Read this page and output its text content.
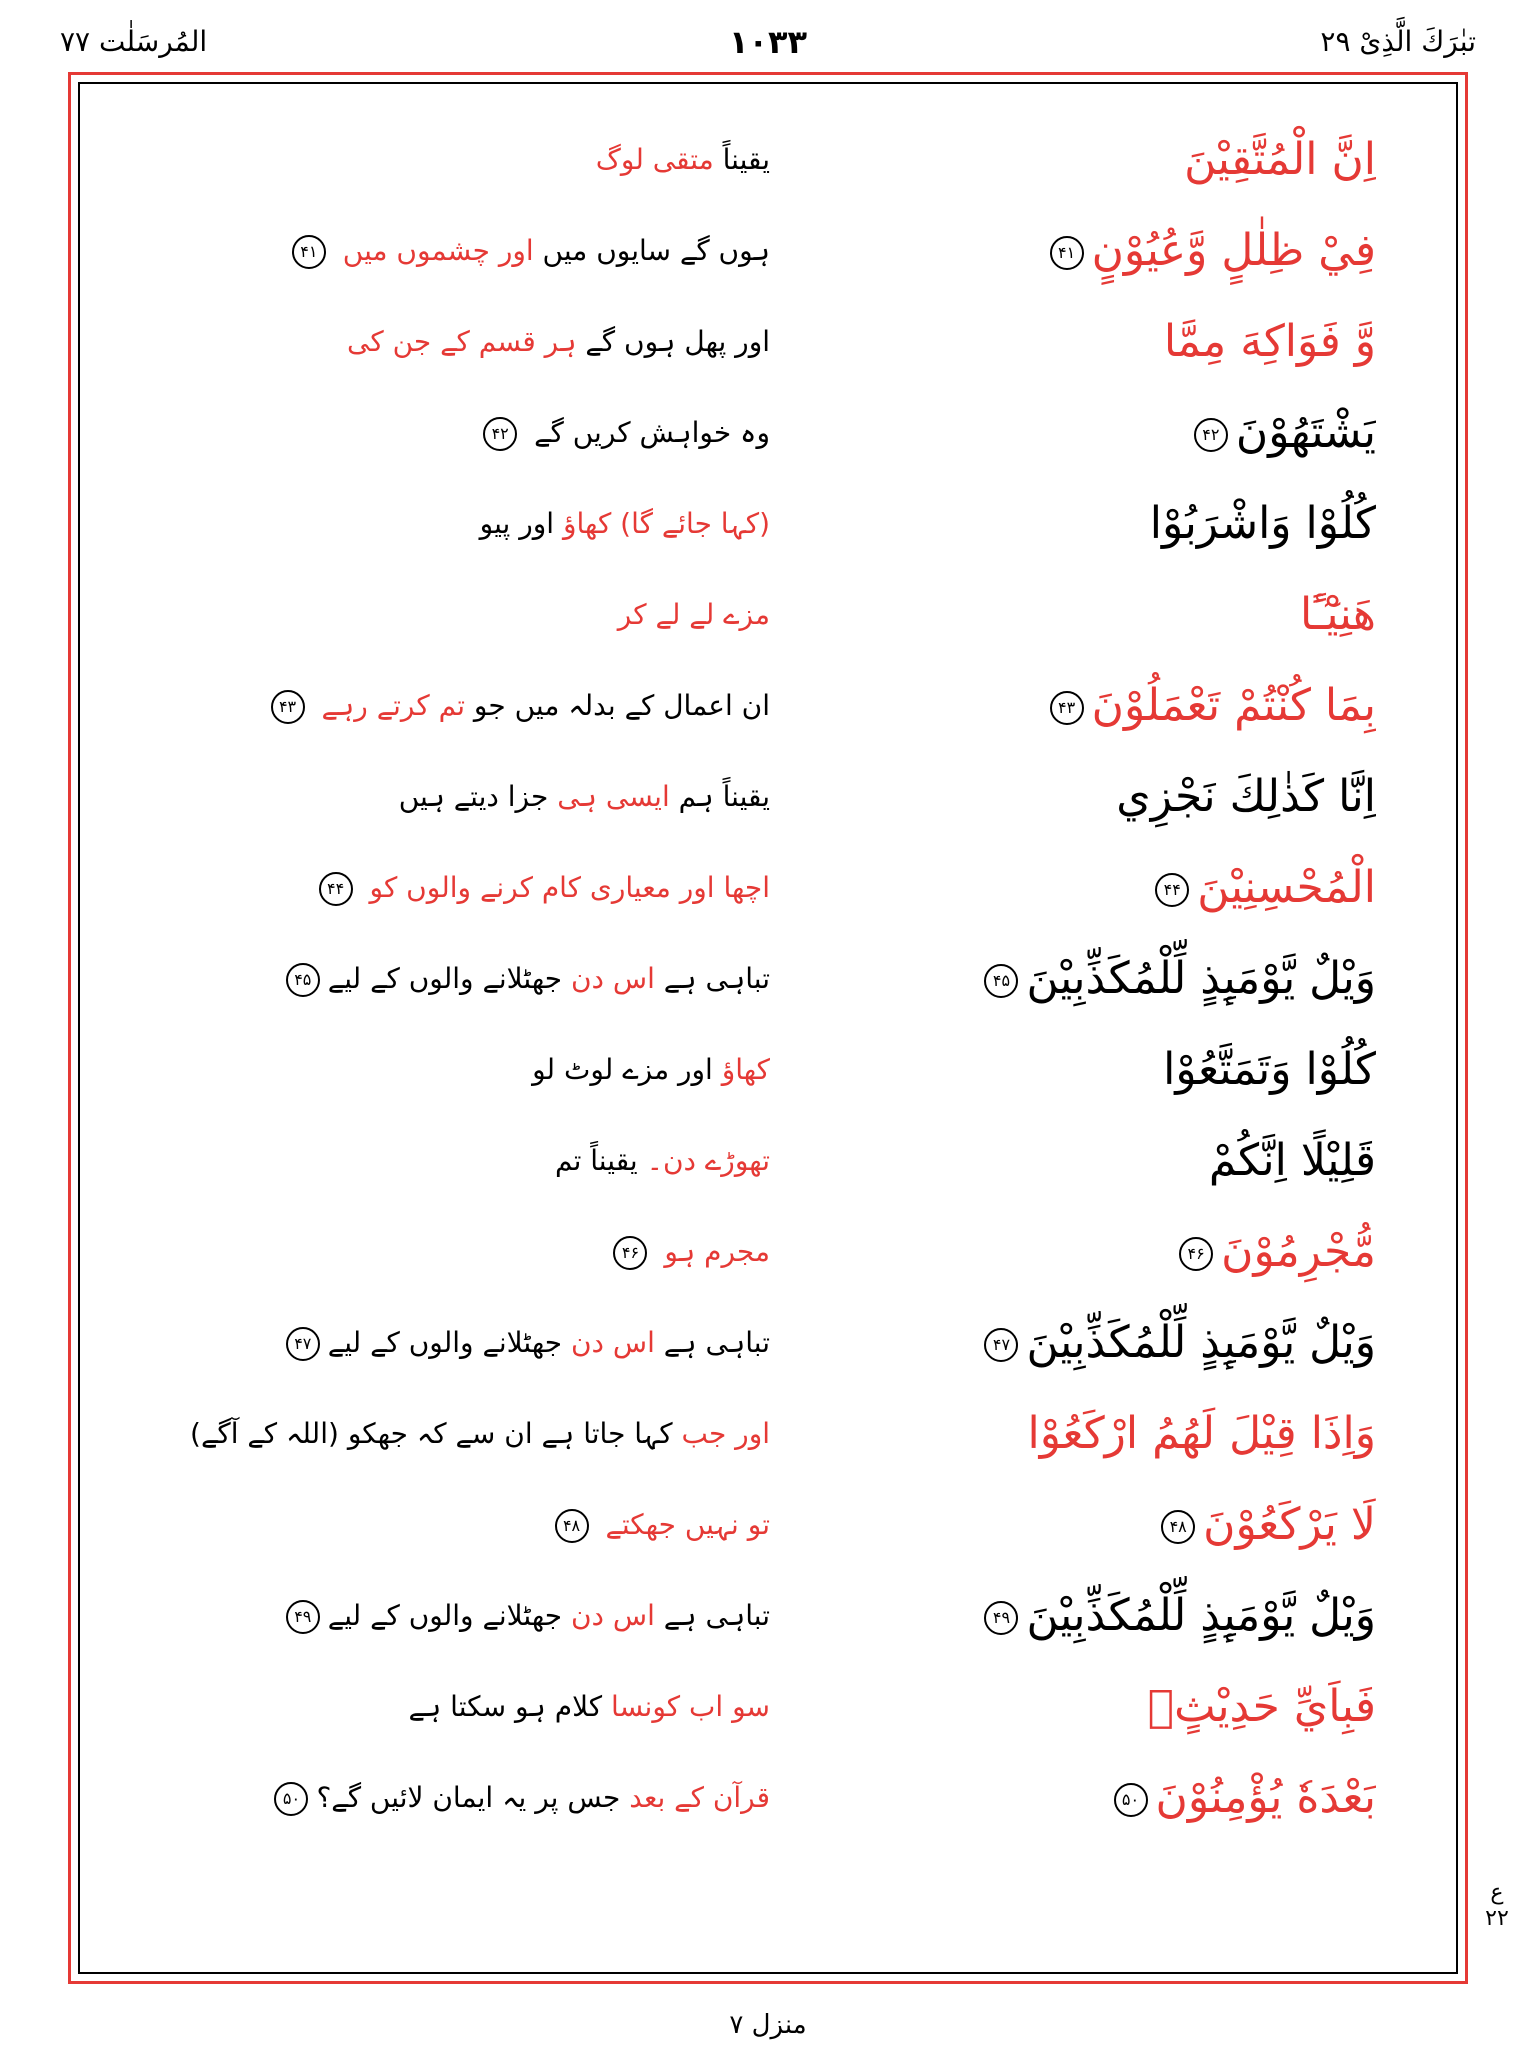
تبٰرَكَ الَّذِیْ ۲۹
۱۰۳۳
المُرسَلٰت ۷۷
اِنَّ الْمُتَّقِيْنَ
یقیناً متقی لوگ
فِيْ ظِلٰلٍ وَّعُيُوْنٍ۴۱
ہوں گے سایوں میں اور چشموں میں ۴۱
وَّ فَوَاكِهَ مِمَّا
اور پھل ہوں گے ہر قسم کے جن کی
يَشْتَهُوْنَ۴۲
وہ خواہش کریں گے ۴۲
كُلُوْا وَاشْرَبُوْا
(کہا جائے گا) کھاؤ اور پیو
هَنِيْٓـًٔا
مزے لے لے کر
بِمَا كُنْتُمْ تَعْمَلُوْنَ۴۳
ان اعمال کے بدلہ میں جو تم کرتے رہے ۴۳
اِنَّا كَذٰلِكَ نَجْزِي
یقیناً ہم ایسی ہی جزا دیتے ہیں
الْمُحْسِنِيْنَ۴۴
اچھا اور معیاری کام کرنے والوں کو ۴۴
وَيْلٌ يَّوْمَىِٕذٍ لِّلْمُكَذِّبِيْنَ۴۵
تباہی ہے اس دن جھٹلانے والوں کے لیے۴۵
كُلُوْا وَتَمَتَّعُوْا
کھاؤ اور مزے لوٹ لو
قَلِيْلًا اِنَّكُمْ
تھوڑے دن۔ یقیناً تم
مُّجْرِمُوْنَ۴۶
مجرم ہو ۴۶
وَيْلٌ يَّوْمَىِٕذٍ لِّلْمُكَذِّبِيْنَ۴۷
تباہی ہے اس دن جھٹلانے والوں کے لیے۴۷
وَاِذَا قِيْلَ لَهُمُ ارْكَعُوْا
اور جب کہا جاتا ہے ان سے کہ جھکو (اللہ کے آگے)
لَا يَرْكَعُوْنَ۴۸
تو نہیں جھکتے ۴۸
وَيْلٌ يَّوْمَىِٕذٍ لِّلْمُكَذِّبِيْنَ۴۹
تباہی ہے اس دن جھٹلانے والوں کے لیے۴۹
فَبِاَيِّ حَدِيْثٍۢ
سو اب کونسا کلام ہو سکتا ہے
بَعْدَهٗ يُؤْمِنُوْنَ۵۰
قرآن کے بعد جس پر یہ ایمان لائیں گے؟۵۰
ع ۲۲
منزل ۷
